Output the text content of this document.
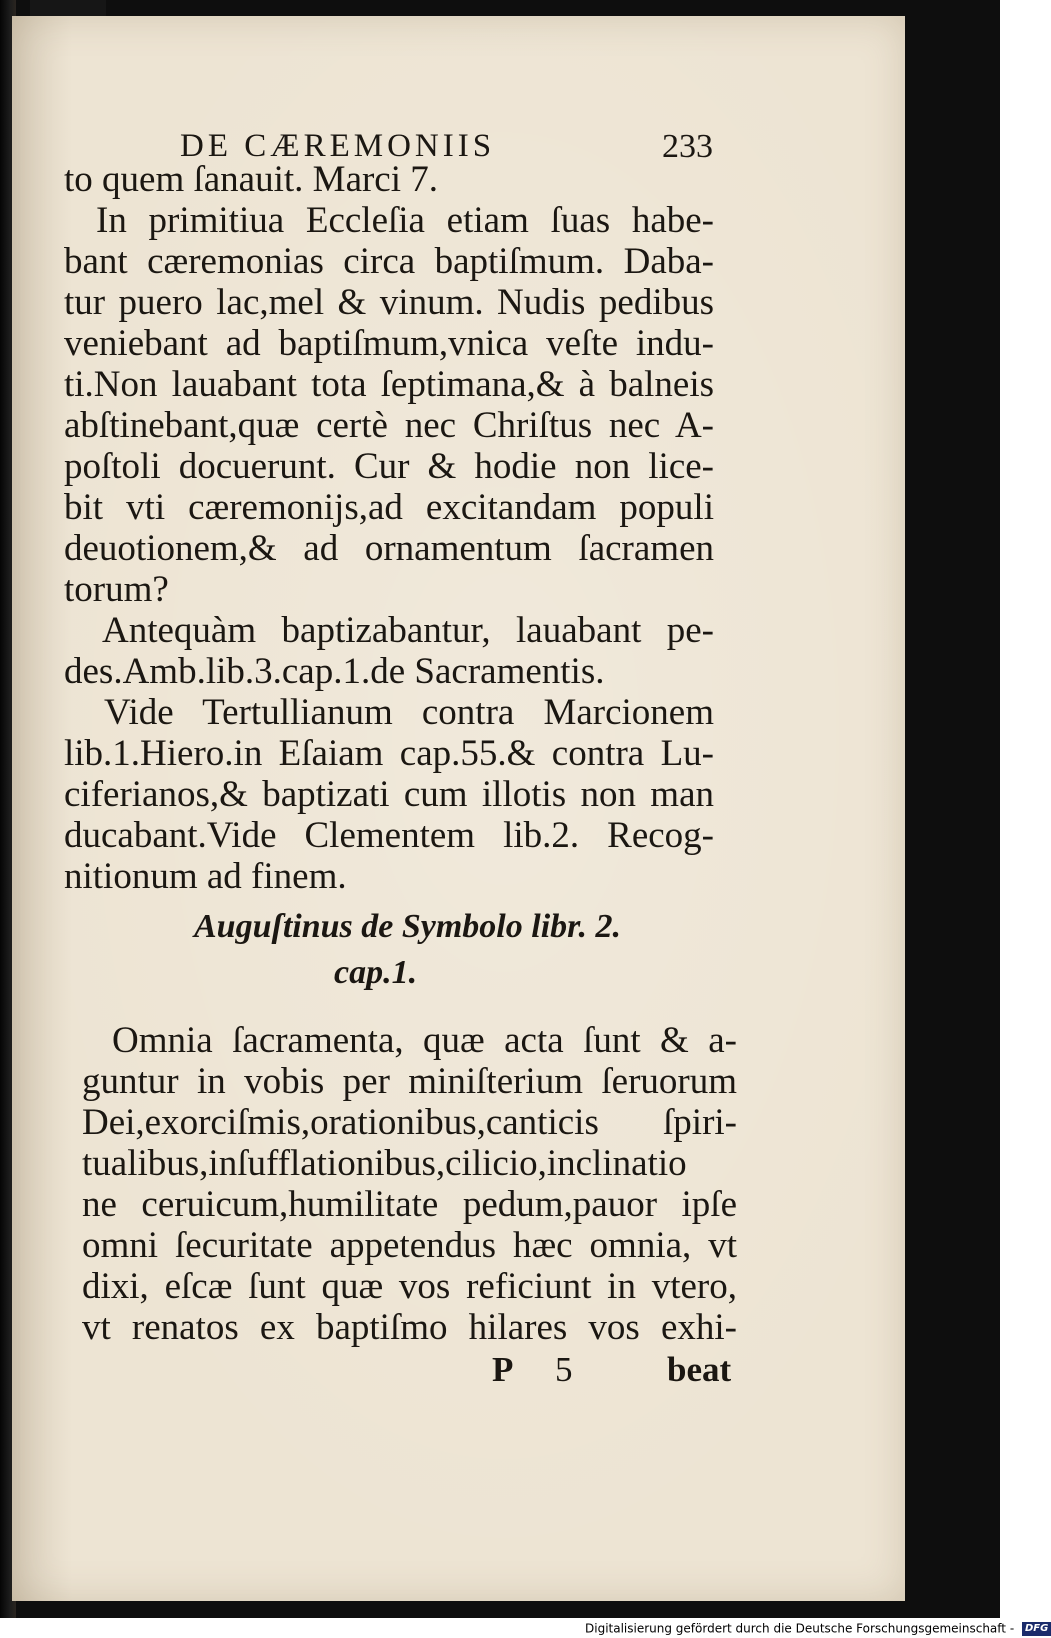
DE CÆREMONIIS	233
to quem ſanauit. Marci 7.
In primitiua Eccleſia etiam ſuas habe-
bant cæremonias circa baptiſmum. Daba-
tur puero lac,mel & vinum. Nudis pedibus
veniebant ad baptiſmum,vnica veſte indu-
ti.Non lauabant tota ſeptimana,& à balneis
abſtinebant,quæ certè nec Chriſtus nec A-
poſtoli docuerunt. Cur & hodie non lice-
bit vti cæremonijs,ad excitandam populi
deuotionem,& ad ornamentum ſacramen
torum?
Antequàm baptizabantur, lauabant pe-
des.Amb.lib.3.cap.1.de Sacramentis.
Vide Tertullianum contra Marcionem
lib.1.Hiero.in Eſaiam cap.55.& contra Lu-
ciferianos,& baptizati cum illotis non man
ducabant.Vide Clementem lib.2. Recog-
nitionum ad finem.
Auguſtinus de Symbolo libr. 2.
cap.1.
Omnia ſacramenta, quæ acta ſunt & a-
guntur in vobis per miniſterium ſeruorum
Dei,exorciſmis,orationibus,canticis ſpiri-
tualibus,inſufflationibus,cilicio,inclinatio
ne ceruicum,humilitate pedum,pauor ipſe
omni ſecuritate appetendus hæc omnia, vt
dixi, eſcæ ſunt quæ vos reficiunt in vtero,
vt renatos ex baptiſmo hilares vos exhi-
P 5	beat
Digitalisierung gefördert durch die Deutsche Forschungsgemeinschaft - DFG
